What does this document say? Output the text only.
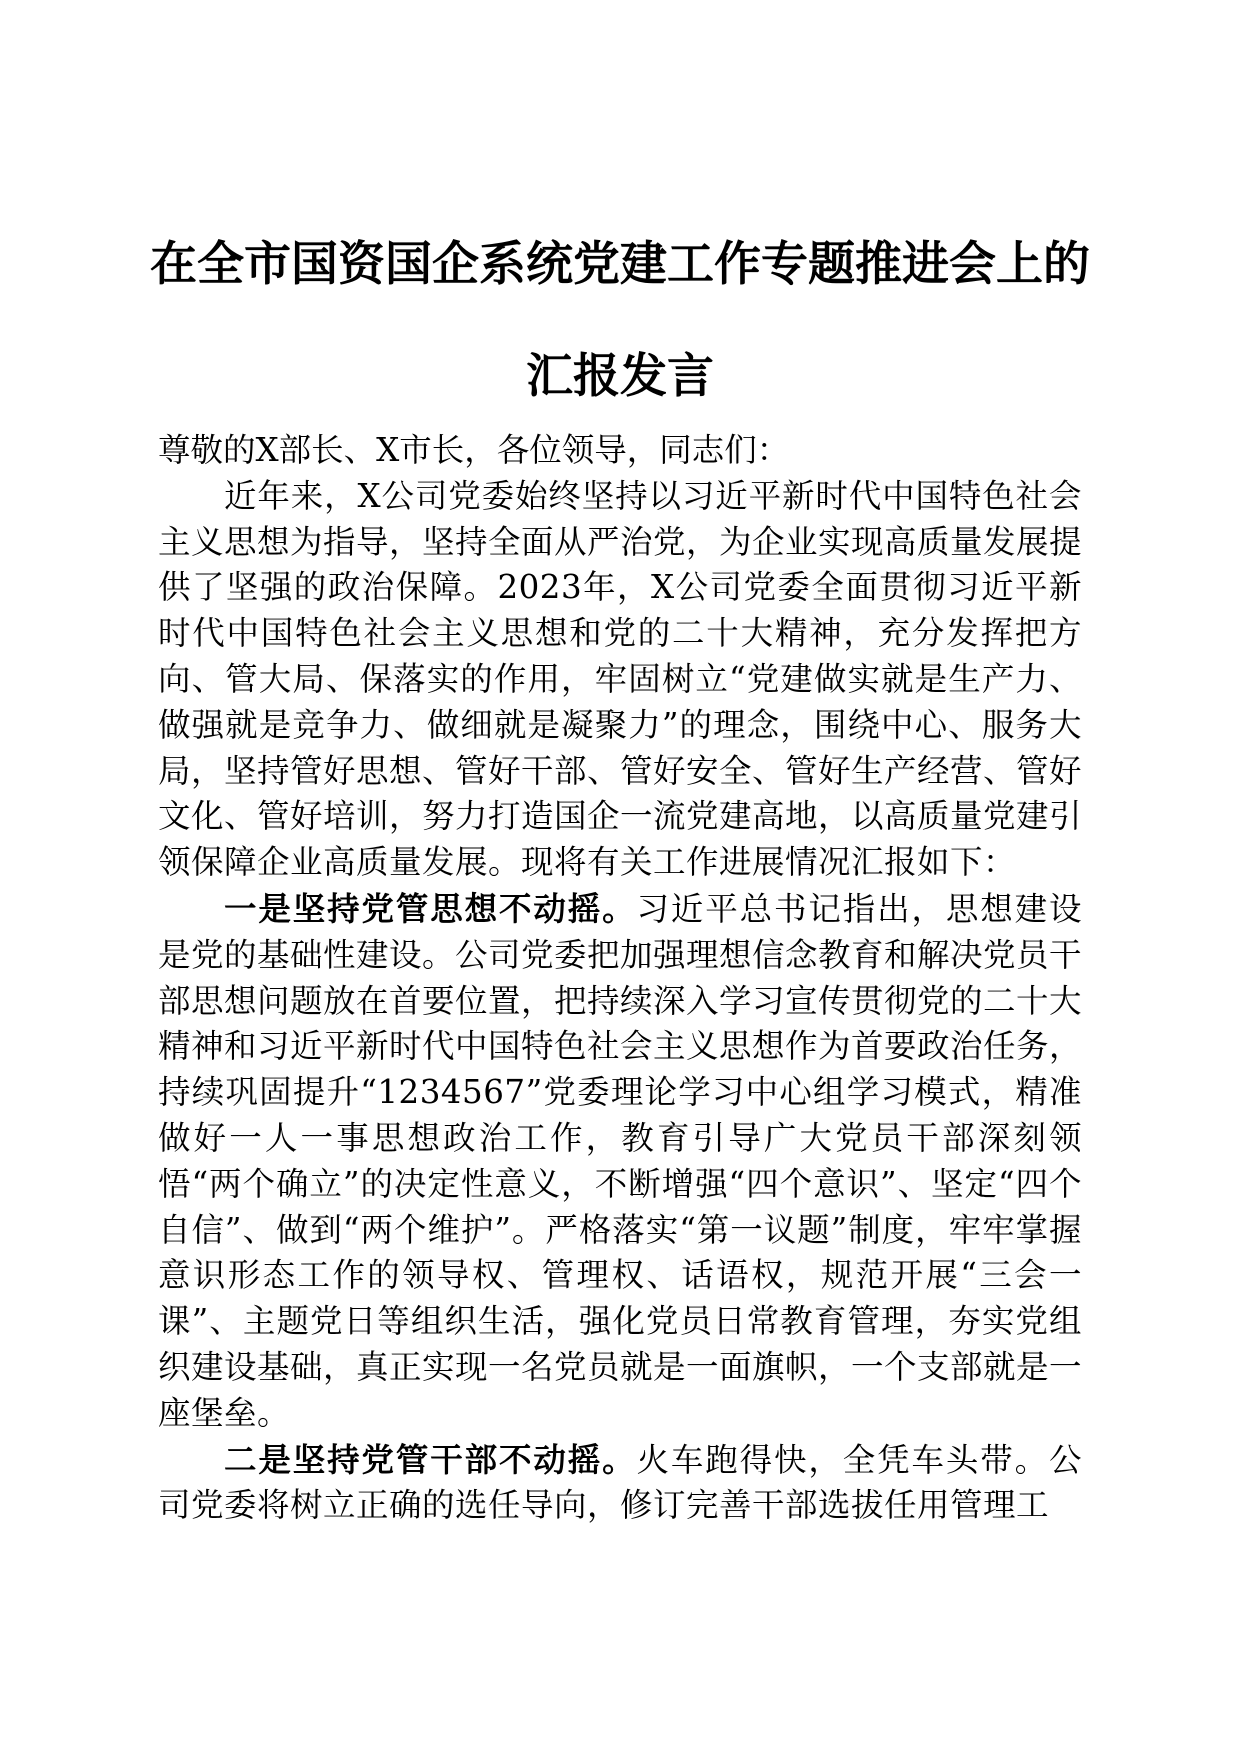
在全市国资国企系统党建工作专题推进会上的
汇报发言

尊敬的X部长、X市长，各位领导，同志们：

近年来，X公司党委始终坚持以习近平新时代中国特色社会主义思想为指导，坚持全面从严治党，为企业实现高质量发展提供了坚强的政治保障。2023年，X公司党委全面贯彻习近平新时代中国特色社会主义思想和党的二十大精神，充分发挥把方向、管大局、保落实的作用，牢固树立“党建做实就是生产力、做强就是竞争力、做细就是凝聚力”的理念，围绕中心、服务大局，坚持管好思想、管好干部、管好安全、管好生产经营、管好文化、管好培训，努力打造国企一流党建高地，以高质量党建引领保障企业高质量发展。现将有关工作进展情况汇报如下：

一是坚持党管思想不动摇。习近平总书记指出，思想建设是党的基础性建设。公司党委把加强理想信念教育和解决党员干部思想问题放在首要位置，把持续深入学习宣传贯彻党的二十大精神和习近平新时代中国特色社会主义思想作为首要政治任务，持续巩固提升“1234567”党委理论学习中心组学习模式，精准做好一人一事思想政治工作，教育引导广大党员干部深刻领悟“两个确立”的决定性意义，不断增强“四个意识”、坚定“四个自信”、做到“两个维护”。严格落实“第一议题”制度，牢牢掌握意识形态工作的领导权、管理权、话语权，规范开展“三会一课”、主题党日等组织生活，强化党员日常教育管理，夯实党组织建设基础，真正实现一名党员就是一面旗帜，一个支部就是一座堡垒。

二是坚持党管干部不动摇。火车跑得快，全凭车头带。公司党委将树立正确的选任导向，修订完善干部选拔任用管理工
